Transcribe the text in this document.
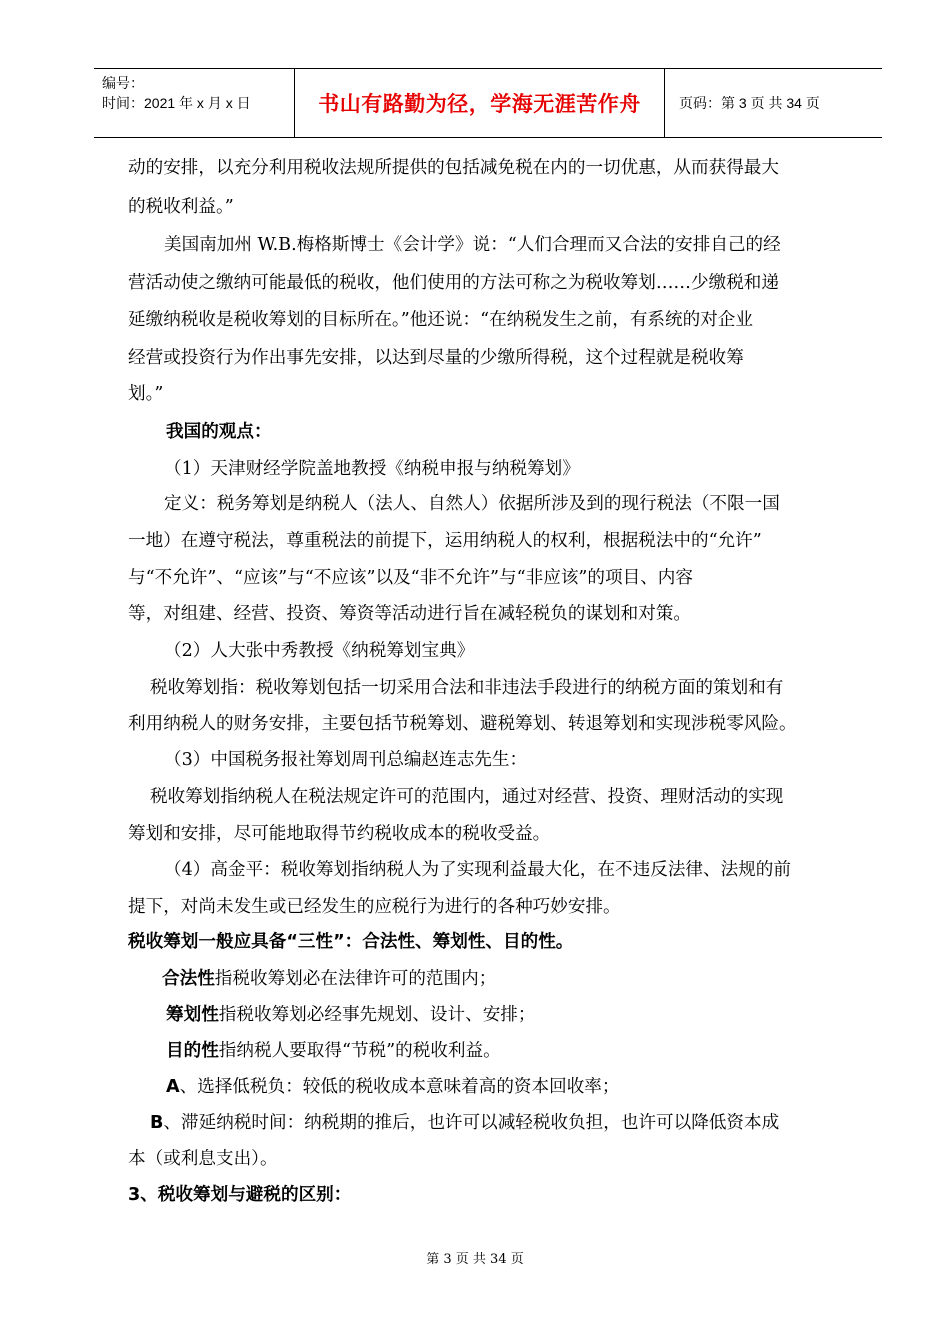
编号：
时间：2021 年 x 月 x 日	书山有路勤为径，学海无涯苦作舟	页码：第 3 页 共 34 页
动的安排，以充分利用税收法规所提供的包括减免税在内的一切优惠，从而获得最大
的税收利益。”
美国南加州 W.B.梅格斯博士《会计学》说：“人们合理而又合法的安排自己的经
营活动使之缴纳可能最低的税收，他们使用的方法可称之为税收筹划……少缴税和递
延缴纳税收是税收筹划的目标所在。”他还说：“在纳税发生之前，有系统的对企业
经营或投资行为作出事先安排，以达到尽量的少缴所得税，这个过程就是税收筹
划。”
我国的观点：
（1）天津财经学院盖地教授《纳税申报与纳税筹划》
定义：税务筹划是纳税人（法人、自然人）依据所涉及到的现行税法（不限一国
一地）在遵守税法，尊重税法的前提下，运用纳税人的权利，根据税法中的“允许”
与“不允许”、“应该”与“不应该”以及“非不允许”与“非应该”的项目、内容
等，对组建、经营、投资、筹资等活动进行旨在减轻税负的谋划和对策。
（2）人大张中秀教授《纳税筹划宝典》
税收筹划指：税收筹划包括一切采用合法和非违法手段进行的纳税方面的策划和有
利用纳税人的财务安排，主要包括节税筹划、避税筹划、转退筹划和实现涉税零风险。
（3）中国税务报社筹划周刊总编赵连志先生：
税收筹划指纳税人在税法规定许可的范围内，通过对经营、投资、理财活动的实现
筹划和安排，尽可能地取得节约税收成本的税收受益。
（4）高金平：税收筹划指纳税人为了实现利益最大化，在不违反法律、法规的前
提下，对尚未发生或已经发生的应税行为进行的各种巧妙安排。
税收筹划一般应具备“三性”：合法性、筹划性、目的性。
合法性指税收筹划必在法律许可的范围内；
筹划性指税收筹划必经事先规划、设计、安排；
目的性指纳税人要取得“节税”的税收利益。
A、选择低税负：较低的税收成本意味着高的资本回收率；
B、滞延纳税时间：纳税期的推后，也许可以减轻税收负担，也许可以降低资本成
本（或利息支出）。
3、税收筹划与避税的区别：
第 3 页 共 34 页
